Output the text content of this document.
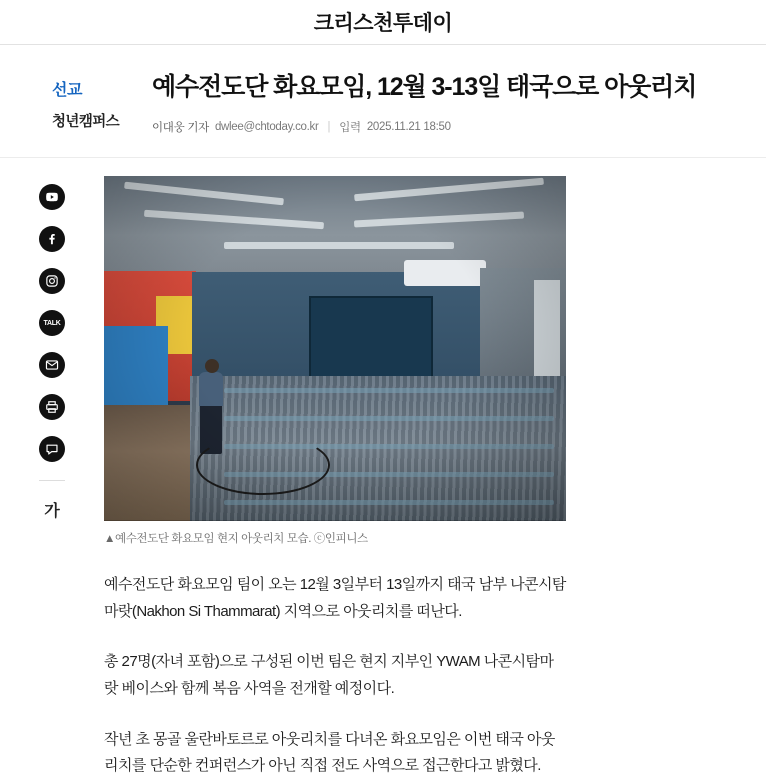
크리스천투데이
선교
청년캠퍼스
예수전도단 화요모임, 12월 3-13일 태국으로 아웃리치
이대웅 기자 dwlee@chtoday.co.kr | 입력 2025.11.21 18:50
TALK
가
▲예수전도단 화요모임 현지 아웃리치 모습. ⓒ인피니스

예수전도단 화요모임 팀이 오는 12월 3일부터 13일까지 태국 남부 나콘시탐마랏(Nakhon Si Thammarat) 지역으로 아웃리치를 떠난다.

총 27명(자녀 포함)으로 구성된 이번 팀은 현지 지부인 YWAM 나콘시탐마랏 베이스와 함께 복음 사역을 전개할 예정이다.

작년 초 몽골 울란바토르로 아웃리치를 다녀온 화요모임은 이번 태국 아웃리치를 단순한 컨퍼런스가 아닌 직접 전도 사역으로 접근한다고 밝혔다.
